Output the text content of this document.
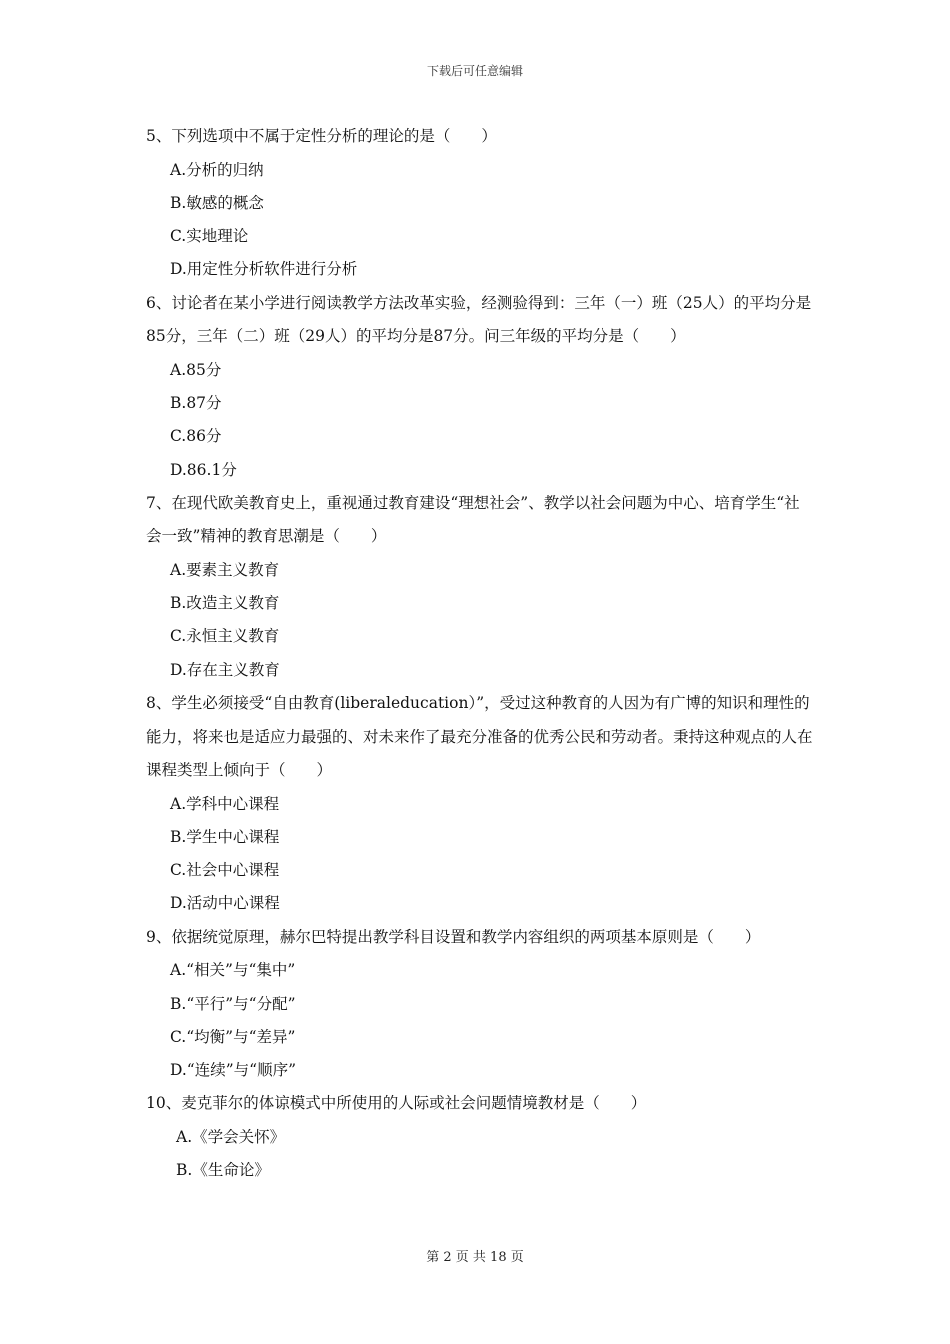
下载后可任意编辑

5、下列选项中不属于定性分析的理论的是（　　）

A.分析的归纳

B.敏感的概念

C.实地理论

D.用定性分析软件进行分析

6、讨论者在某小学进行阅读教学方法改革实验，经测验得到：三年（一）班（25人）的平均分是85分，三年（二）班（29人）的平均分是87分。问三年级的平均分是（　　）

A.85分

B.87分

C.86分

D.86.1分

7、在现代欧美教育史上，重视通过教育建设“理想社会”、教学以社会问题为中心、培育学生“社会一致”精神的教育思潮是（　　）

A.要素主义教育

B.改造主义教育

C.永恒主义教育

D.存在主义教育

8、学生必须接受“自由教育(liberaleducation）”，受过这种教育的人因为有广博的知识和理性的能力，将来也是适应力最强的、对未来作了最充分准备的优秀公民和劳动者。秉持这种观点的人在课程类型上倾向于（　　）

A.学科中心课程

B.学生中心课程

C.社会中心课程

D.活动中心课程

9、依据统觉原理，赫尔巴特提出教学科目设置和教学内容组织的两项基本原则是（　　）

A.“相关”与“集中”

B.“平行”与“分配”

C.“均衡”与“差异”

D.“连续”与“顺序”

10、麦克菲尔的体谅模式中所使用的人际或社会问题情境教材是（　　）

A.《学会关怀》

B.《生命论》

第 2 页 共 18 页
